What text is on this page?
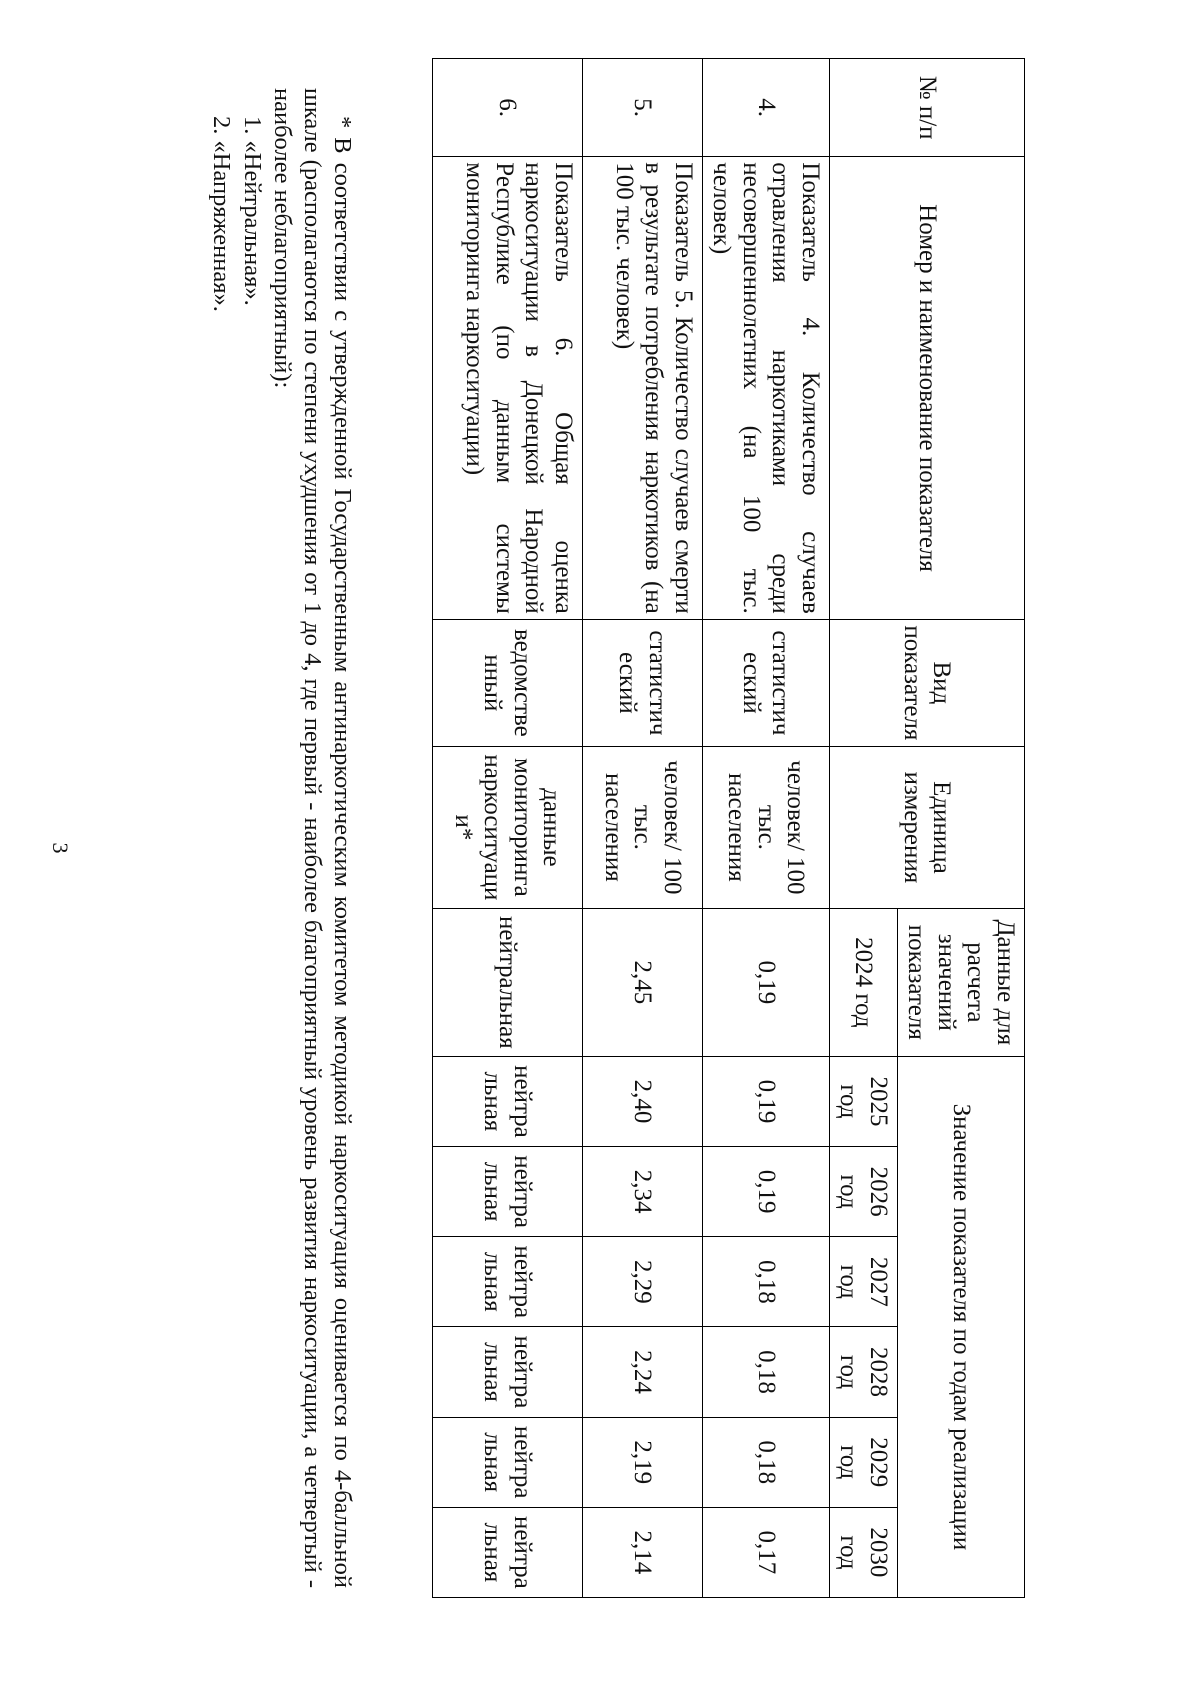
3
№ п/п	Номер и наименование показателя	Вид показателя	Единица измерения	Данные для расчета значений показателя	Значение показателя по годам реализации					
				2024 год	2025 год	2026 год	2027 год	2028 год	2029 год	2030 год
4.	Показатель 4. Количество случаев отравления наркотиками среди несовершеннолетних (на 100 тыс. человек)	статистический	человек/ 100 тыс. населения	0,19	0,19	0,19	0,18	0,18	0,18	0,17
5.	Показатель 5. Количество случаев смерти в результате потребления наркотиков (на 100 тыс. человек)	статистический	человек/ 100 тыс. населения	2,45	2,40	2,34	2,29	2,24	2,19	2,14
6.	Показатель 6. Общая оценка наркоситуации в Донецкой Народной Республике (по данным системы мониторинга наркоситуации)	ведомственный	данные мониторинга наркоситуации*	нейтральная	нейтральная	нейтральная	нейтральная	нейтральная	нейтральная	нейтральная

* В соответствии с утвержденной Государственным антинаркотическим комитетом методикой наркоситуация оценивается по 4-балльной шкале (располагаются по степени ухудшения от 1 до 4, где первый - наиболее благоприятный уровень развития наркоситуации, а четвертый - наиболее неблагоприятный):

1. «Нейтральная».

2. «Напряженная».
